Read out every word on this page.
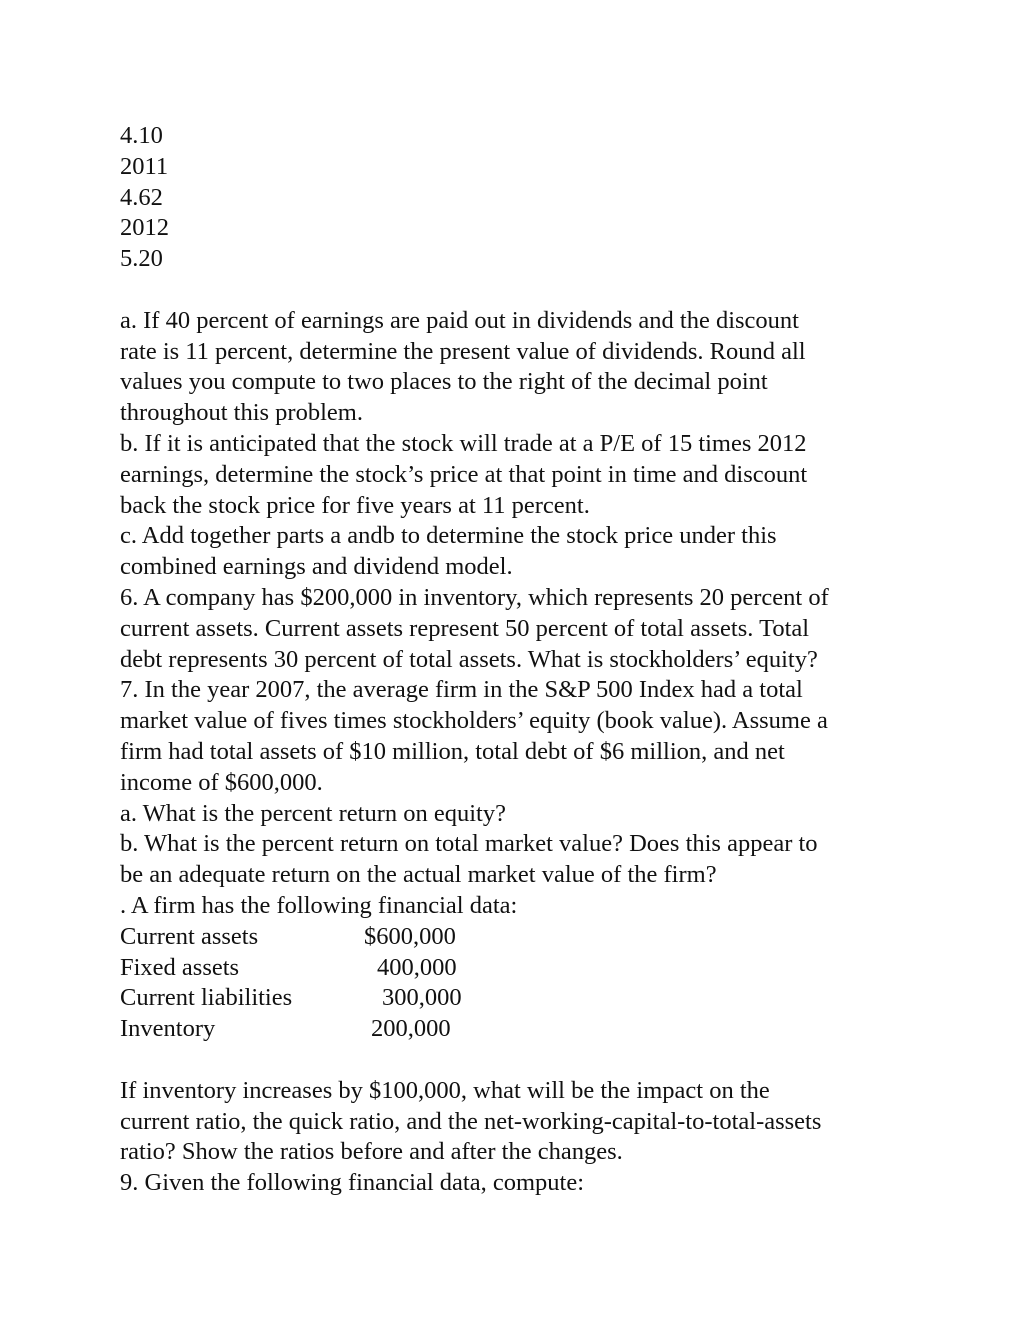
4.10
2011
4.62
2012
5.20
a. If 40 percent of earnings are paid out in dividends and the discount
rate is 11 percent, determine the present value of dividends. Round all
values you compute to two places to the right of the decimal point
throughout this problem.
b. If it is anticipated that the stock will trade at a P/E of 15 times 2012
earnings, determine the stock’s price at that point in time and discount
back the stock price for five years at 11 percent.
c. Add together parts a andb to determine the stock price under this
combined earnings and dividend model.
6. A company has $200,000 in inventory, which represents 20 percent of
current assets. Current assets represent 50 percent of total assets. Total
debt represents 30 percent of total assets. What is stockholders’ equity?
7. In the year 2007, the average firm in the S&P 500 Index had a total
market value of fives times stockholders’ equity (book value). Assume a
firm had total assets of $10 million, total debt of $6 million, and net
income of $600,000.
a. What is the percent return on equity?
b. What is the percent return on total market value? Does this appear to
be an adequate return on the actual market value of the firm?
. A firm has the following financial data:
Current assets	$600,000
Fixed assets	400,000
Current liabilities	300,000
Inventory	200,000
If inventory increases by $100,000, what will be the impact on the
current ratio, the quick ratio, and the net-working-capital-to-total-assets
ratio? Show the ratios before and after the changes.
9. Given the following financial data, compute:
